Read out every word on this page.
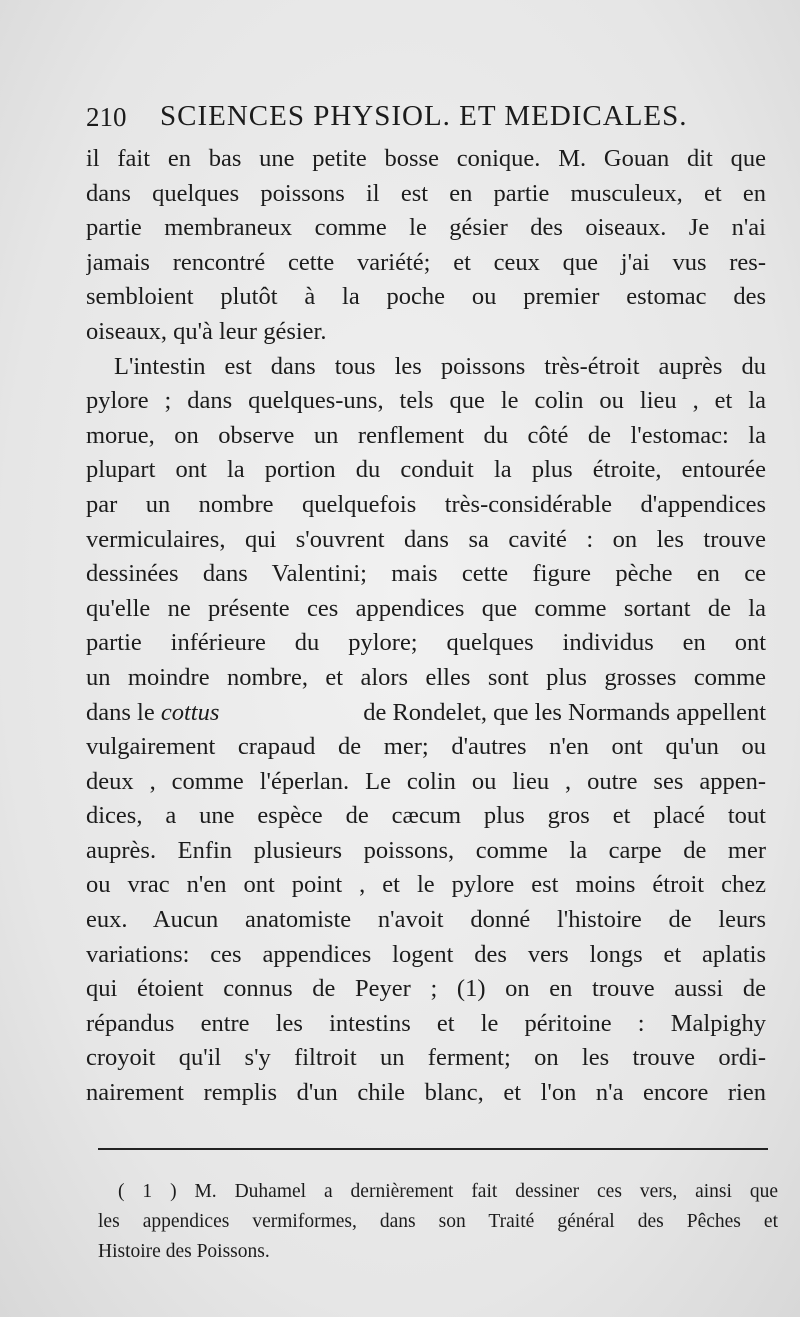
210 SCIENCES PHYSIOL. ET MEDICALES.
il fait en bas une petite bosse conique. M. Gouan dit que
dans quelques poissons il est en partie musculeux, et en
partie membraneux comme le gésier des oiseaux. Je n'ai
jamais rencontré cette variété; et ceux que j'ai vus res-
sembloient plutôt à la poche ou premier estomac des
oiseaux, qu'à leur gésier.
L'intestin est dans tous les poissons très-étroit auprès du
pylore ; dans quelques-uns, tels que le colin ou lieu , et la
morue, on observe un renflement du côté de l'estomac: la
plupart ont la portion du conduit la plus étroite, entourée
par un nombre quelquefois très-considérable d'appendices
vermiculaires, qui s'ouvrent dans sa cavité : on les trouve
dessinées dans Valentini; mais cette figure pèche en ce
qu'elle ne présente ces appendices que comme sortant de la
partie inférieure du pylore; quelques individus en ont
un moindre nombre, et alors elles sont plus grosses comme
dans le cottus	de Rondelet, que les Normands appellent
vulgairement crapaud de mer; d'autres n'en ont qu'un ou
deux , comme l'éperlan. Le colin ou lieu , outre ses appen-
dices, a une espèce de cæcum plus gros et placé tout
auprès. Enfin plusieurs poissons, comme la carpe de mer
ou vrac n'en ont point , et le pylore est moins étroit chez
eux. Aucun anatomiste n'avoit donné l'histoire de leurs
variations: ces appendices logent des vers longs et aplatis
qui étoient connus de Peyer ; (1) on en trouve aussi de
répandus entre les intestins et le péritoine : Malpighy
croyoit qu'il s'y filtroit un ferment; on les trouve ordi-
nairement remplis d'un chile blanc, et l'on n'a encore rien
( 1 ) M. Duhamel a dernièrement fait dessiner ces vers, ainsi que
les appendices vermiformes, dans son Traité général des Pêches et
Histoire des Poissons.
